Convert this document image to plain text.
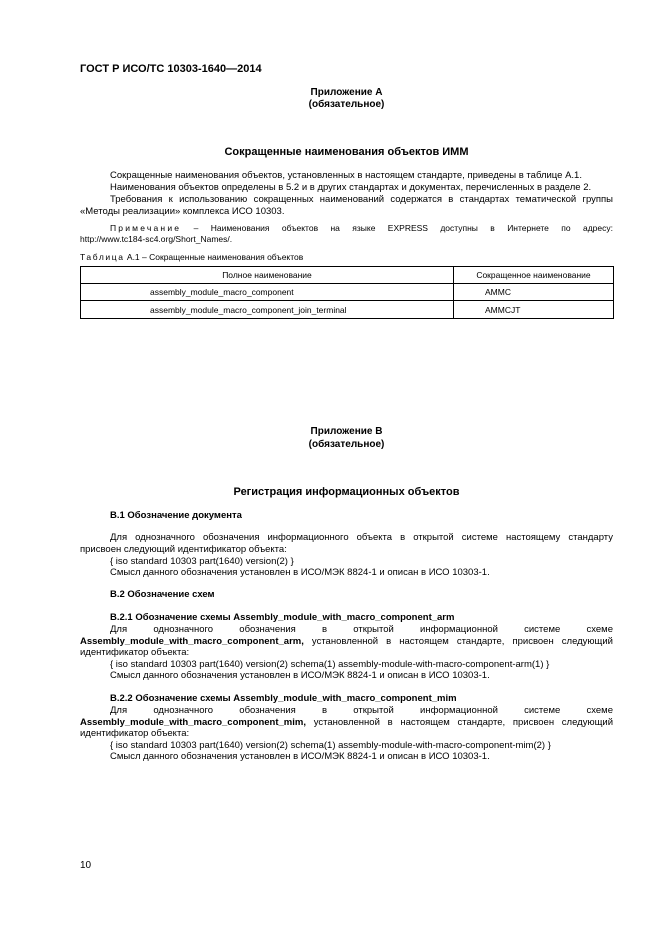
ГОСТ Р ИСО/ТС 10303-1640—2014
Приложение А
(обязательное)
Сокращенные наименования объектов ИММ
Сокращенные наименования объектов, установленных в настоящем стандарте, приведены в таблице А.1.
Наименования объектов определены в 5.2 и в других стандартах и документах, перечисленных в разделе 2.
Требования к использованию сокращенных наименований содержатся в стандартах тематической группы
«Методы реализации» комплекса ИСО 10303.
Примечание – Наименования объектов на языке EXPRESS доступны в Интернете по адресу:
http://www.tc184-sc4.org/Short_Names/.
Таблица А.1 – Сокращенные наименования объектов
Полное наименование	Сокращенное наименование
assembly_module_macro_component	AMMC
assembly_module_macro_component_join_terminal	AMMCJT
Приложение В
(обязательное)
Регистрация информационных объектов
В.1 Обозначение документа
Для однозначного обозначения информационного объекта в открытой системе настоящему стандарту
присвоен следующий идентификатор объекта:
{ iso standard 10303 part(1640) version(2) }
Смысл данного обозначения установлен в ИСО/МЭК 8824-1 и описан в ИСО 10303-1.
В.2 Обозначение схем
В.2.1 Обозначение схемы Assembly_module_with_macro_component_arm
Для однозначного обозначения в открытой информационной системе схеме
Assembly_module_with_macro_component_arm, установленной в настоящем стандарте, присвоен следующий
идентификатор объекта:
{ iso standard 10303 part(1640) version(2) schema(1) assembly-module-with-macro-component-arm(1) }
Смысл данного обозначения установлен в ИСО/МЭК 8824-1 и описан в ИСО 10303-1.
В.2.2 Обозначение схемы Assembly_module_with_macro_component_mim
Для однозначного обозначения в открытой информационной системе схеме
Assembly_module_with_macro_component_mim, установленной в настоящем стандарте, присвоен следующий
идентификатор объекта:
{ iso standard 10303 part(1640) version(2) schema(1) assembly-module-with-macro-component-mim(2) }
Смысл данного обозначения установлен в ИСО/МЭК 8824-1 и описан в ИСО 10303-1.
10
